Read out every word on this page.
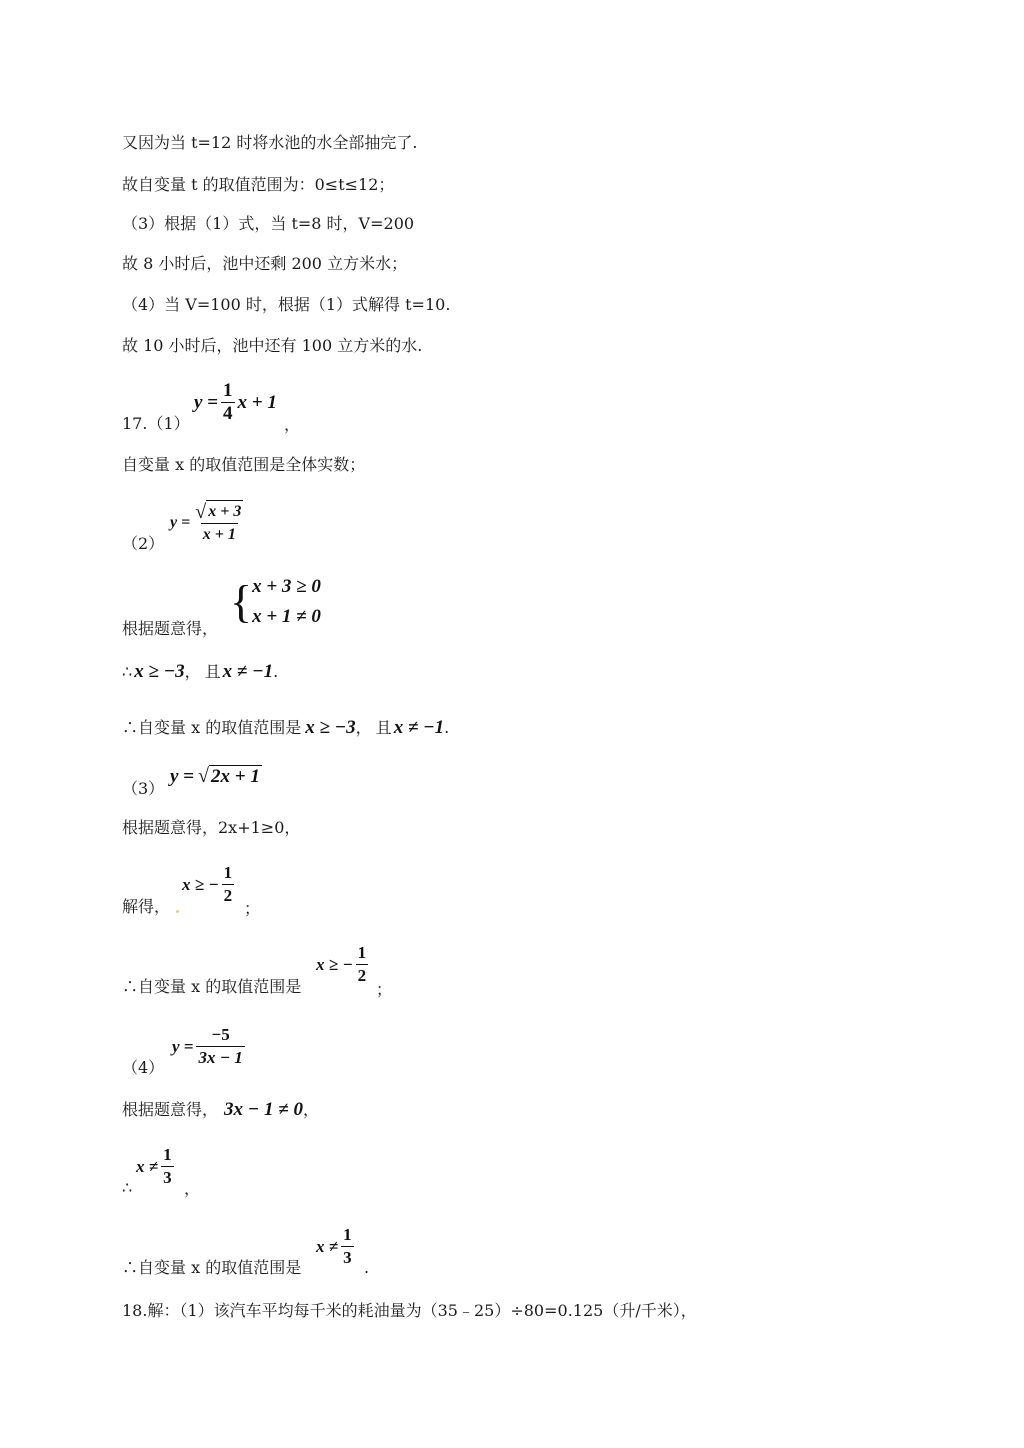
又因为当 t=12 时将水池的水全部抽完了.
故自变量 t 的取值范围为：0≤t≤12；
（3）根据（1）式，当 t=8 时，V=200
故 8 小时后，池中还剩 200 立方米水；
（4）当 V=100 时，根据（1）式解得 t=10.
故 10 小时后，池中还有 100 立方米的水.
17.（1）
$y = \frac{1}{4}$ x + 1
，
自变量 x 的取值范围是全体实数；
（2）
$y = \frac{√ x + 3}{x + 1}$
根据题意得，
{ x + 3 ≥ 0
x + 1 ≠ 0
∴ x ≥ −3 ， 且 x ≠ −1 .
∴自变量 x 的取值范围是 x ≥ −3 ， 且 x ≠ −1 .
（3）
y = √ 2x + 1
根据题意得，2x+1≥0，
解得，
x ≥ − $\frac{1}{2}$
；
∴自变量 x 的取值范围是
x ≥ − $\frac{1}{2}$
；
（4）
$y = \frac{-5}{3x - 1}$
根据题意得， 3x − 1 ≠ 0 ，
∴
$x \ne \frac{1}{3}$ ，
∴自变量 x 的取值范围是
$x \ne \frac{1}{3}$ .
18.解：（1）该汽车平均每千米的耗油量为（35﹣25）÷80=0.125（升/千米），
